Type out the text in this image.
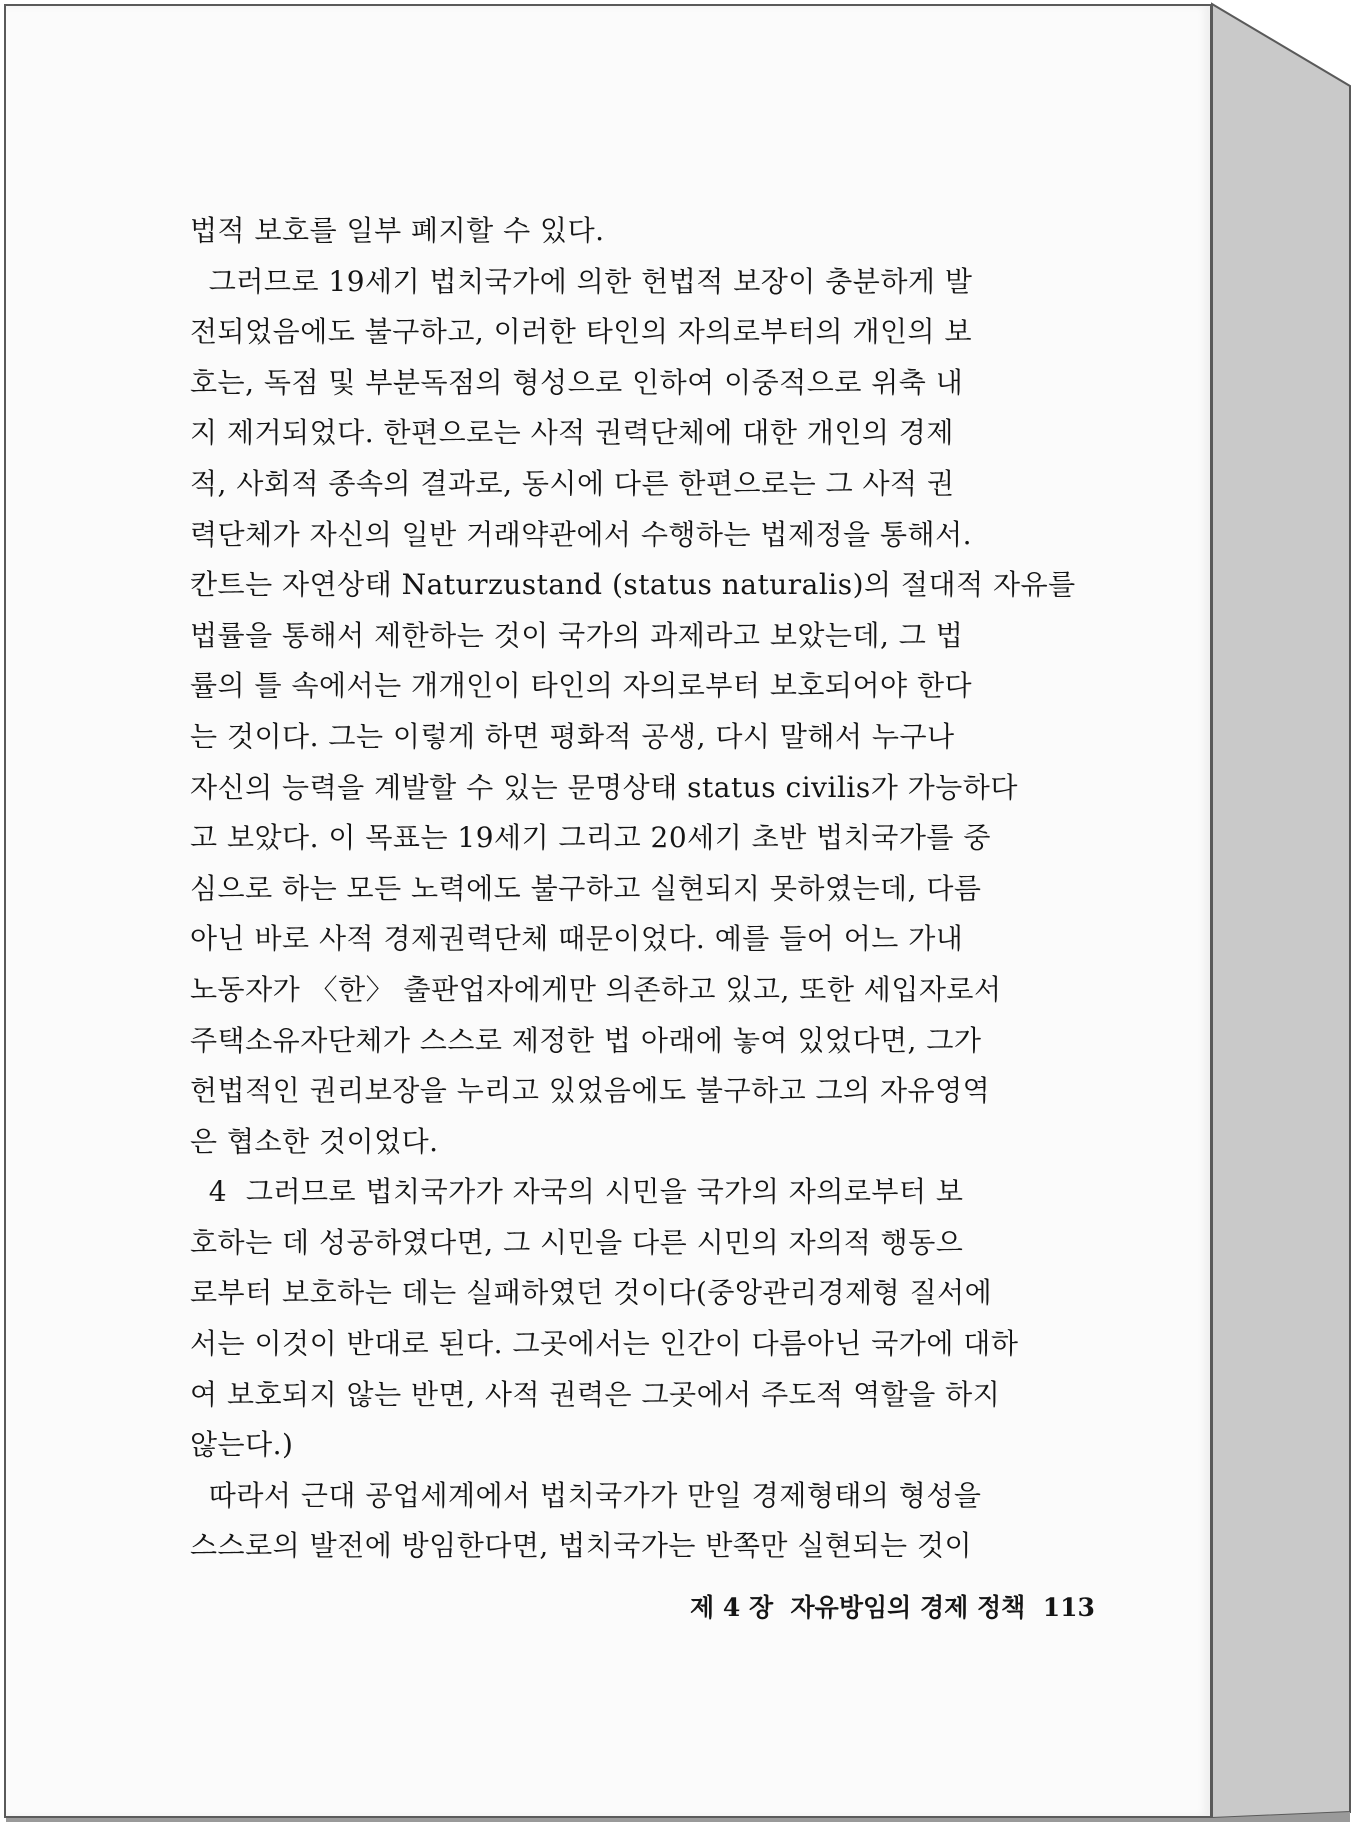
법적 보호를 일부 폐지할 수 있다.
그러므로 19세기 법치국가에 의한 헌법적 보장이 충분하게 발
전되었음에도 불구하고, 이러한 타인의 자의로부터의 개인의 보
호는, 독점 및 부분독점의 형성으로 인하여 이중적으로 위축 내
지 제거되었다. 한편으로는 사적 권력단체에 대한 개인의 경제
적, 사회적 종속의 결과로, 동시에 다른 한편으로는 그 사적 권
력단체가 자신의 일반 거래약관에서 수행하는 법제정을 통해서.
칸트는 자연상태 Naturzustand (status naturalis)의 절대적 자유를
법률을 통해서 제한하는 것이 국가의 과제라고 보았는데, 그 법
률의 틀 속에서는 개개인이 타인의 자의로부터 보호되어야 한다
는 것이다. 그는 이렇게 하면 평화적 공생, 다시 말해서 누구나
자신의 능력을 계발할 수 있는 문명상태 status civilis가 가능하다
고 보았다. 이 목표는 19세기 그리고 20세기 초반 법치국가를 중
심으로 하는 모든 노력에도 불구하고 실현되지 못하였는데, 다름
아닌 바로 사적 경제권력단체 때문이었다. 예를 들어 어느 가내
노동자가 〈한〉 출판업자에게만 의존하고 있고, 또한 세입자로서
주택소유자단체가 스스로 제정한 법 아래에 놓여 있었다면, 그가
헌법적인 권리보장을 누리고 있었음에도 불구하고 그의 자유영역
은 협소한 것이었다.
4  그러므로 법치국가가 자국의 시민을 국가의 자의로부터 보
호하는 데 성공하였다면, 그 시민을 다른 시민의 자의적 행동으
로부터 보호하는 데는 실패하였던 것이다(중앙관리경제형 질서에
서는 이것이 반대로 된다. 그곳에서는 인간이 다름아닌 국가에 대하
여 보호되지 않는 반면, 사적 권력은 그곳에서 주도적 역할을 하지
않는다.)
따라서 근대 공업세계에서 법치국가가 만일 경제형태의 형성을
스스로의 발전에 방임한다면, 법치국가는 반쪽만 실현되는 것이
제 4 장 자유방임의 경제 정책 113
